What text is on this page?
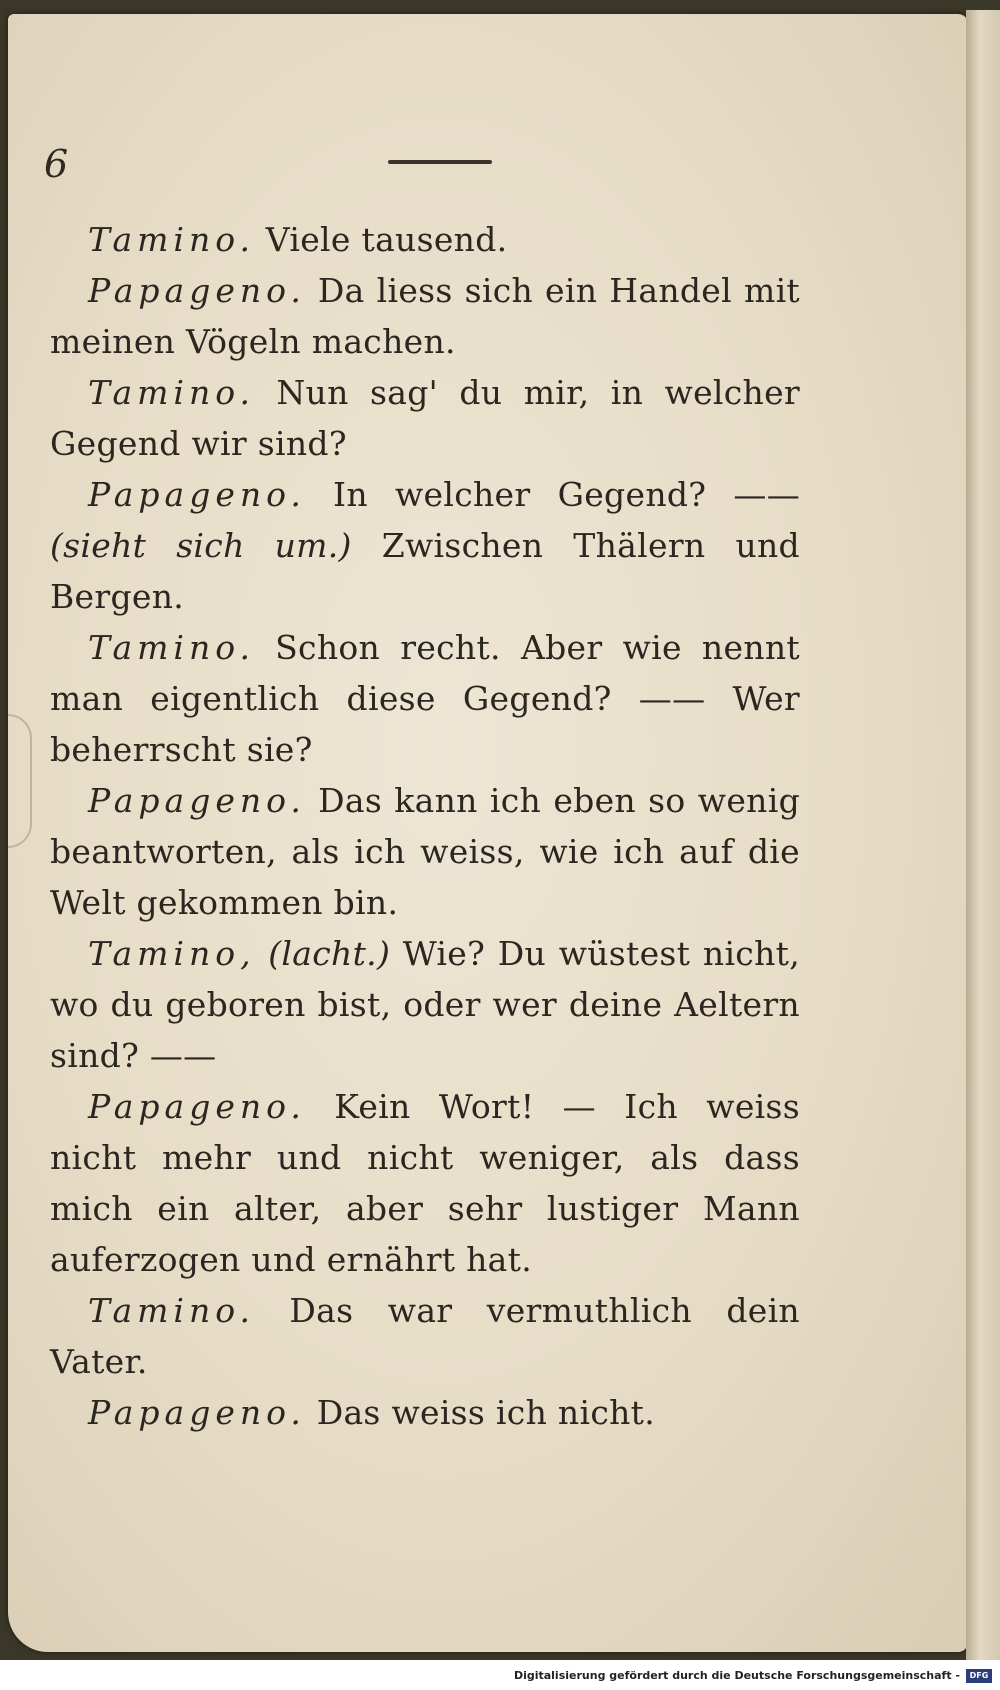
6

Tamino. Viele tausend.

Papageno. Da liess sich ein Handel mit meinen Vögeln machen.

Tamino. Nun sag' du mir, in welcher Gegend wir sind?

Papageno. In welcher Gegend? —— (sieht sich um.) Zwischen Thälern und Bergen.

Tamino. Schon recht. Aber wie nennt man eigentlich diese Gegend? —— Wer beherrscht sie?

Papageno. Das kann ich eben so wenig beantworten, als ich weiss, wie ich auf die Welt gekommen bin.

Tamino, (lacht.) Wie? Du wüstest nicht, wo du geboren bist, oder wer deine Aeltern sind? ——

Papageno. Kein Wort! — Ich weiss nicht mehr und nicht weniger, als dass mich ein alter, aber sehr lustiger Mann auferzogen und ernährt hat.

Tamino. Das war vermuthlich dein Vater.

Papageno. Das weiss ich nicht.

Digitalisierung gefördert durch die Deutsche Forschungsgemeinschaft -	DFG
